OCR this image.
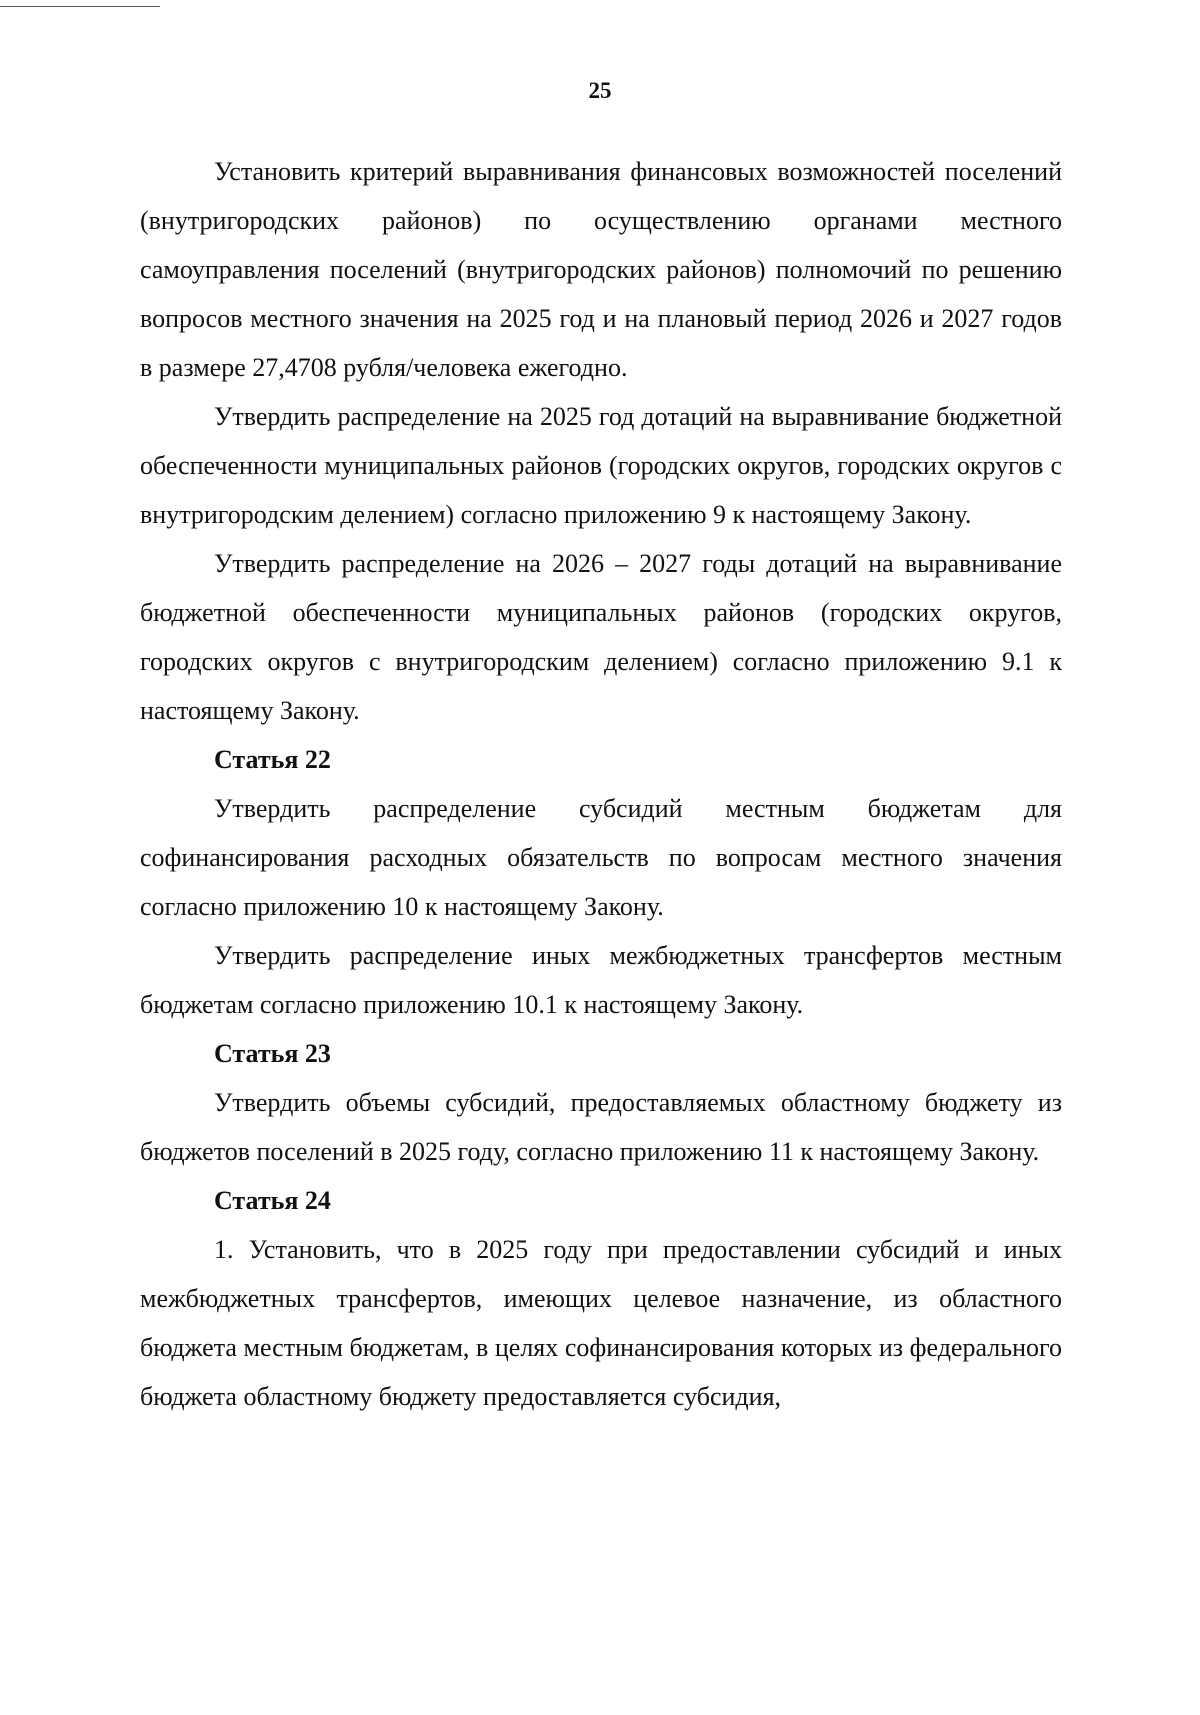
25

Установить критерий выравнивания финансовых возможностей поселений (внутригородских районов) по осуществлению органами местного самоуправления поселений (внутригородских районов) полномочий по решению вопросов местного значения на 2025 год и на плановый период 2026 и 2027 годов в размере 27,4708 рубля/человека ежегодно.

Утвердить распределение на 2025 год дотаций на выравнивание бюджетной обеспеченности муниципальных районов (городских округов, городских округов с внутригородским делением) согласно приложению 9 к настоящему Закону.

Утвердить распределение на 2026 – 2027 годы дотаций на выравнивание бюджетной обеспеченности муниципальных районов (городских округов, городских округов с внутригородским делением) согласно приложению 9.1 к настоящему Закону.

Статья 22

Утвердить распределение субсидий местным бюджетам для софинансирования расходных обязательств по вопросам местного значения согласно приложению 10 к настоящему Закону.

Утвердить распределение иных межбюджетных трансфертов местным бюджетам согласно приложению 10.1 к настоящему Закону.

Статья 23

Утвердить объемы субсидий, предоставляемых областному бюджету из бюджетов поселений в 2025 году, согласно приложению 11 к настоящему Закону.

Статья 24

1. Установить, что в 2025 году при предоставлении субсидий и иных межбюджетных трансфертов, имеющих целевое назначение, из областного бюджета местным бюджетам, в целях софинансирования которых из федерального бюджета областному бюджету предоставляется субсидия,
